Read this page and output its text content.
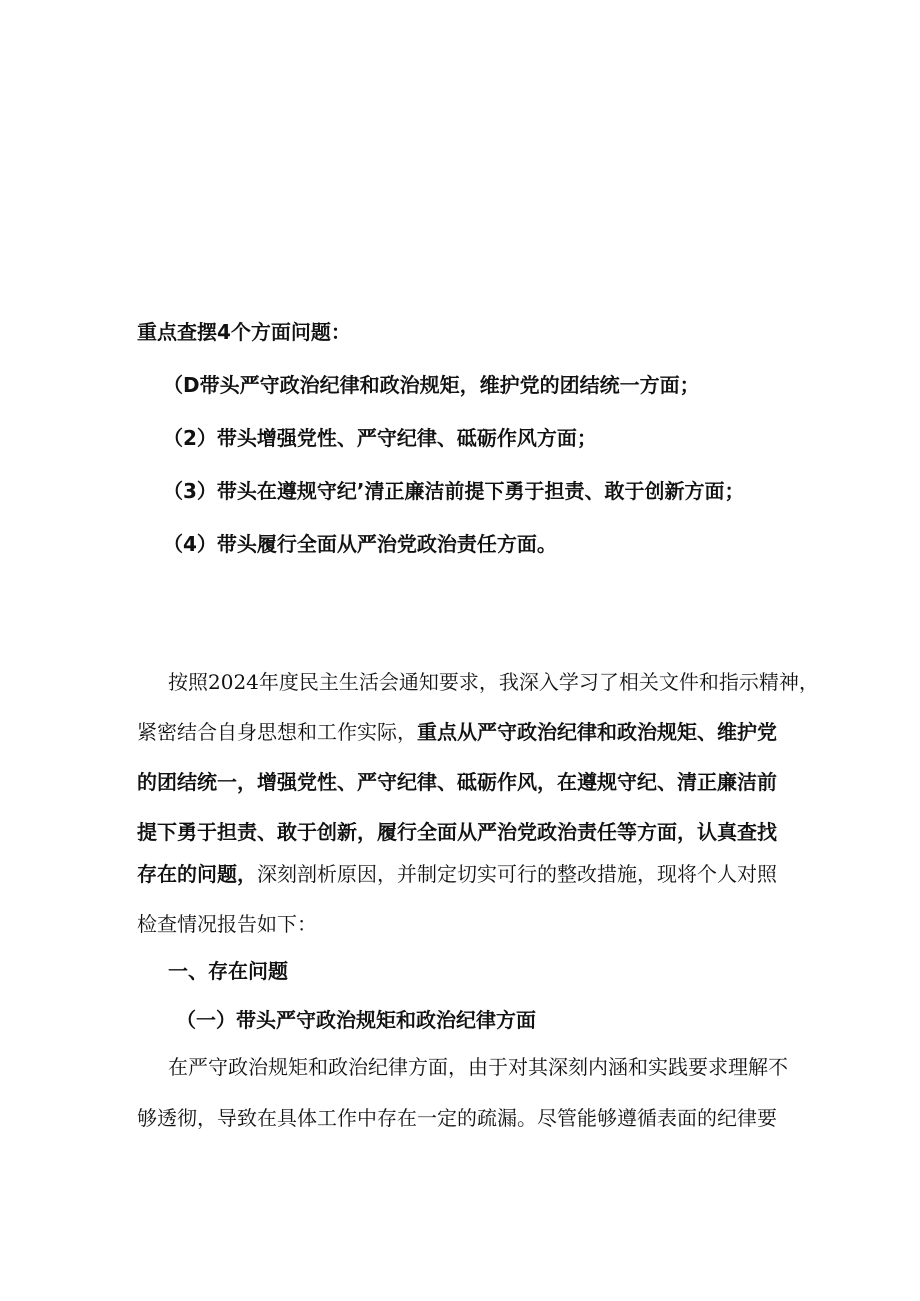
重点查摆4个方面问题：
（D带头严守政治纪律和政治规矩，维护党的团结统一方面；
（2）带头增强党性、严守纪律、砥砺作风方面；
（3）带头在遵规守纪’清正廉洁前提下勇于担责、敢于创新方面；
（4）带头履行全面从严治党政治责任方面。
按照2024年度民主生活会通知要求，我深入学习了相关文件和指示精神，
紧密结合自身思想和工作实际，重点从严守政治纪律和政治规矩、维护党
的团结统一，增强党性、严守纪律、砥砺作风，在遵规守纪、清正廉洁前
提下勇于担责、敢于创新，履行全面从严治党政治责任等方面，认真查找
存在的问题，深刻剖析原因，并制定切实可行的整改措施，现将个人对照
检查情况报告如下：
一、存在问题
（一）带头严守政治规矩和政治纪律方面
在严守政治规矩和政治纪律方面，由于对其深刻内涵和实践要求理解不
够透彻，导致在具体工作中存在一定的疏漏。尽管能够遵循表面的纪律要
